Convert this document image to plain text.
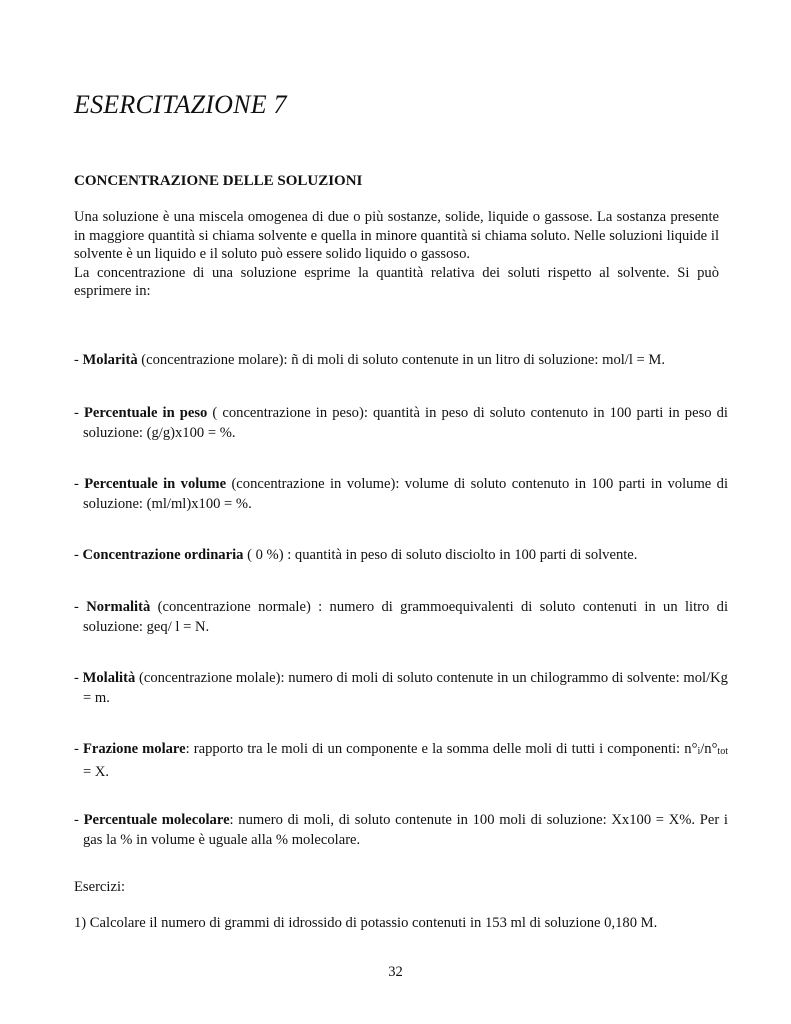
ESERCITAZIONE 7
CONCENTRAZIONE DELLE SOLUZIONI

Una soluzione è una miscela omogenea di due o più sostanze, solide, liquide o gassose. La sostanza presente in maggiore quantità si chiama solvente e quella in minore quantità si chiama soluto. Nelle soluzioni liquide il solvente è un liquido e il soluto può essere solido liquido o gassoso.

La concentrazione di una soluzione esprime la quantità relativa dei soluti rispetto al solvente. Si può esprimere in:

- Molarità (concentrazione molare): ñ di moli di soluto contenute in un litro di soluzione: mol/l = M.

- Percentuale in peso ( concentrazione in peso): quantità in peso di soluto contenuto in 100 parti in peso di soluzione: (g/g)x100 = %.

- Percentuale in volume (concentrazione in volume): volume di soluto contenuto in 100 parti in volume di soluzione: (ml/ml)x100 = %.

- Concentrazione ordinaria ( 0 %) : quantità in peso di soluto disciolto in 100 parti di solvente.

- Normalità (concentrazione normale) : numero di grammoequivalenti di soluto contenuti in un litro di soluzione: geq/ l = N.

- Molalità (concentrazione molale): numero di moli di soluto contenute in un chilogrammo di solvente: mol/Kg = m.

- Frazione molare: rapporto tra le moli di un componente e la somma delle moli di tutti i componenti: n°i/n°tot = X.

- Percentuale molecolare: numero di moli, di soluto contenute in 100 moli di soluzione: Xx100 = X%. Per i gas la % in volume è uguale alla % molecolare.

Esercizi:
1) Calcolare il numero di grammi di idrossido di potassio contenuti in 153 ml di soluzione 0,180 M.
32
